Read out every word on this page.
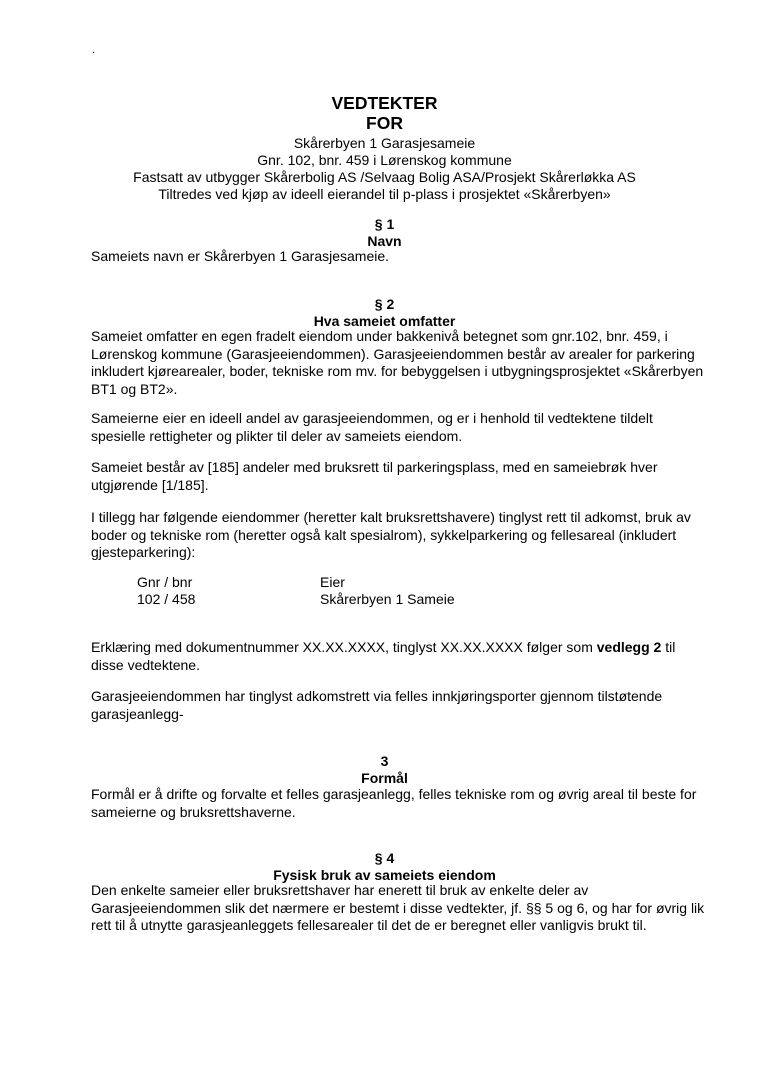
.
VEDTEKTER
FOR
Skårerbyen 1 Garasjesameie
Gnr. 102, bnr. 459 i Lørenskog kommune
Fastsatt av utbygger Skårerbolig AS /Selvaag Bolig ASA/Prosjekt Skårerløkka AS
Tiltredes ved kjøp av ideell eierandel til p-plass i prosjektet «Skårerbyen»
§ 1
Navn

Sameiets navn er Skårerbyen 1 Garasjesameie.

§ 2
Hva sameiet omfatter

Sameiet omfatter en egen fradelt eiendom under bakkenivå betegnet som gnr.102, bnr. 459, i Lørenskog kommune (Garasjeeiendommen). Garasjeeiendommen består av arealer for parkering inkludert kjørearealer, boder, tekniske rom mv. for bebyggelsen i utbygningsprosjektet «Skårerbyen BT1 og BT2».

Sameierne eier en ideell andel av garasjeeiendommen, og er i henhold til vedtektene tildelt spesielle rettigheter og plikter til deler av sameiets eiendom.

Sameiet består av [185] andeler med bruksrett til parkeringsplass, med en sameiebrøk hver utgjørende [1/185].

I tillegg har følgende eiendommer (heretter kalt bruksrettshavere) tinglyst rett til adkomst, bruk av boder og tekniske rom (heretter også kalt spesialrom), sykkelparkering og fellesareal (inkludert gjesteparkering):

Gnr / bnr	Eier
102 / 458	Skårerbyen 1 Sameie

Erklæring med dokumentnummer XX.XX.XXXX, tinglyst XX.XX.XXXX følger som vedlegg 2 til disse vedtektene.

Garasjeeiendommen har tinglyst adkomstrett via felles innkjøringsporter gjennom tilstøtende garasjeanlegg-

3
Formål

Formål er å drifte og forvalte et felles garasjeanlegg, felles tekniske rom og øvrig areal til beste for sameierne og bruksrettshaverne.

§ 4
Fysisk bruk av sameiets eiendom

Den enkelte sameier eller bruksrettshaver har enerett til bruk av enkelte deler av Garasjeeiendommen slik det nærmere er bestemt i disse vedtekter, jf. §§ 5 og 6, og har for øvrig lik rett til å utnytte garasjeanleggets fellesarealer til det de er beregnet eller vanligvis brukt til.
